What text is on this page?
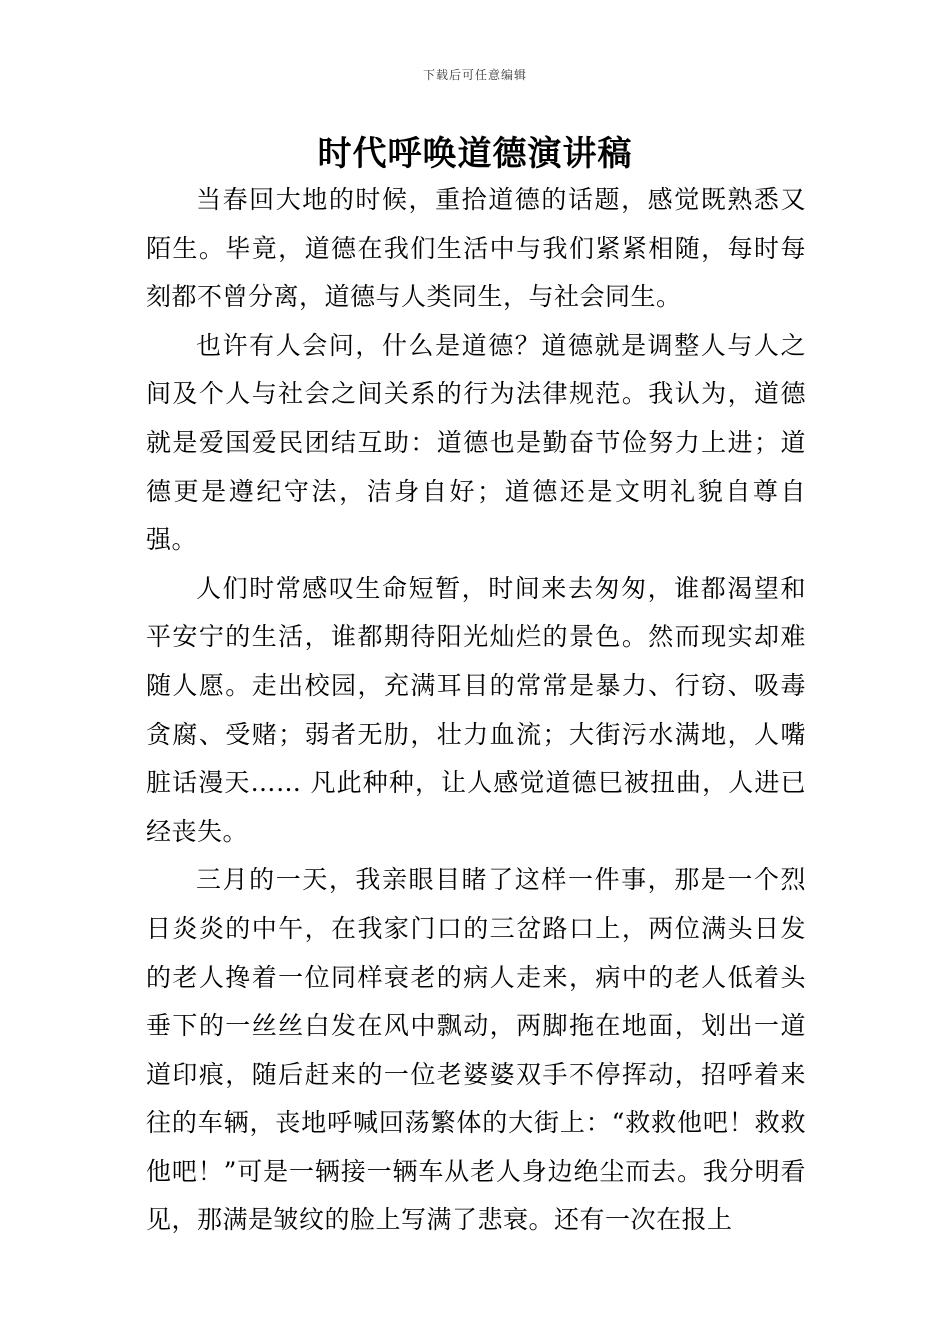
下载后可任意编辑
时代呼唤道德演讲稿

当春回大地的时候，重拾道德的话题，感觉既熟悉又陌生。毕竟，道德在我们生活中与我们紧紧相随，每时每刻都不曾分离，道德与人类同生，与社会同生。

也许有人会问，什么是道德？道德就是调整人与人之间及个人与社会之间关系的行为法律规范。我认为，道德就是爱国爱民团结互助：道德也是勤奋节俭努力上进；道德更是遵纪守法，洁身自好；道德还是文明礼貌自尊自强。

人们时常感叹生命短暂，时间来去匆匆，谁都渴望和平安宁的生活，谁都期待阳光灿烂的景色。然而现实却难随人愿。走出校园，充满耳目的常常是暴力、行窃、吸毒贪腐、受赌；弱者无肋，壮力血流；大街污水满地，人嘴脏话漫天…… 凡此种种，让人感觉道德巳被扭曲，人进已经丧失。

三月的一天，我亲眼目睹了这样一件事，那是一个烈日炎炎的中午，在我家门口的三岔路口上，两位满头日发的老人搀着一位同样衰老的病人走来，病中的老人低着头垂下的一丝丝白发在风中飘动，两脚拖在地面，划出一道道印痕，随后赶来的一位老婆婆双手不停挥动，招呼着来往的车辆，丧地呼喊回荡繁体的大街上：“救救他吧！救救他吧！”可是一辆接一辆车从老人身边绝尘而去。我分明看见，那满是皱纹的脸上写满了悲衰。还有一次在报上
